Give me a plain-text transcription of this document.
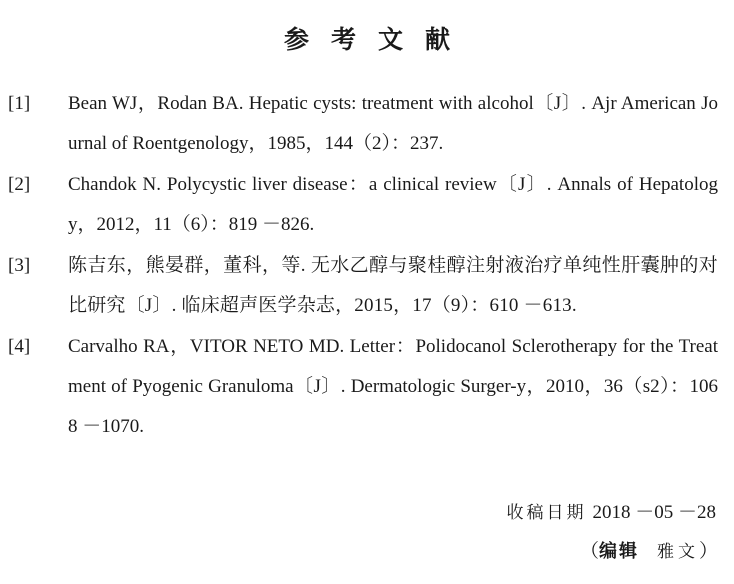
参考文献
[1]	Bean WJ，Rodan BA. Hepatic cysts: treatment with alcohol〔J〕. Ajr American Journal of Roentgenology，1985，144（2）：237.
[2]	Chandok N. Polycystic liver disease：a clinical review〔J〕. Annals of Hepatology，2012，11（6）：819 －826.
[3]	陈吉东，熊晏群，董科，等. 无水乙醇与聚桂醇注射液治疗单纯性肝囊肿的对比研究〔J〕. 临床超声医学杂志，2015，17（9）：610 －613.
[4]	Carvalho RA，VITOR NETO MD. Letter：Polidocanol Sclerotherapy for the Treatment of Pyogenic Granuloma〔J〕. Dermatologic Surger-y，2010，36（s2）：1068 －1070.
收稿日期 2018 －05 －28
（编辑 雅文）
